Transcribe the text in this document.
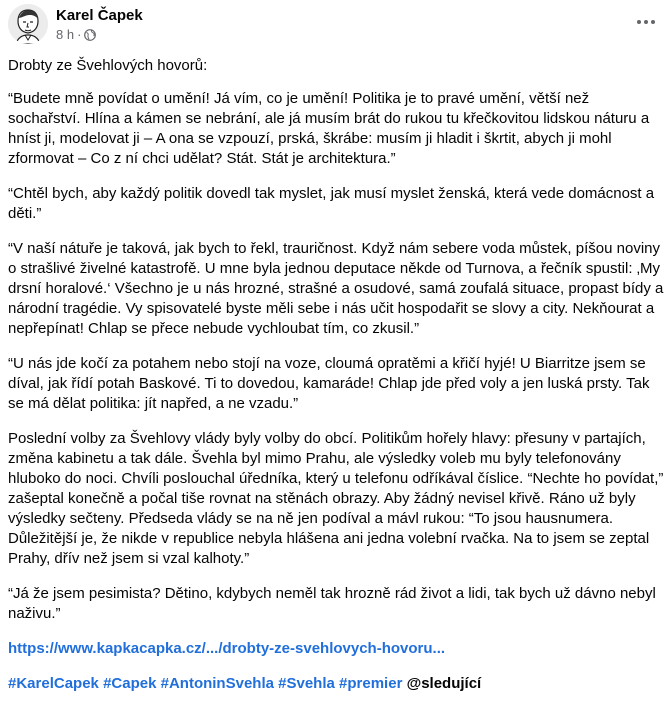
Karel Čapek
8 h ·

Drobty ze Švehlových hovorů:

“Budete mně povídat o umění! Já vím, co je umění! Politika je to pravé umění, větší než sochařství. Hlína a kámen se nebrání, ale já musím brát do rukou tu křečkovitou lidskou náturu a hníst ji, modelovat ji – A ona se vzpouzí, prská, škrábe: musím ji hladit i škrtit, abych ji mohl zformovat – Co z ní chci udělat? Stát. Stát je architektura.”

“Chtěl bych, aby každý politik dovedl tak myslet, jak musí myslet ženská, která vede domácnost a děti.”

“V naší nátuře je taková, jak bych to řekl, trauričnost. Když nám sebere voda můstek, píšou noviny o strašlivé živelné katastrofě. U mne byla jednou deputace někde od Turnova, a řečník spustil: ‚My drsní horalové.‘ Všechno je u nás hrozné, strašné a osudové, samá zoufalá situace, propast bídy a národní tragédie. Vy spisovatelé byste měli sebe i nás učit hospodařit se slovy a city. Nekňourat a nepřepínat! Chlap se přece nebude vychloubat tím, co zkusil.”

“U nás jde kočí za potahem nebo stojí na voze, cloumá opratěmi a křičí hyjé! U Biarritze jsem se díval, jak řídí potah Baskové. Ti to dovedou, kamaráde! Chlap jde před voly a jen luská prsty. Tak se má dělat politika: jít napřed, a ne vzadu.”

Poslední volby za Švehlovy vlády byly volby do obcí. Politikům hořely hlavy: přesuny v partajích, změna kabinetu a tak dále. Švehla byl mimo Prahu, ale výsledky voleb mu byly telefonovány hluboko do noci. Chvíli poslouchal úředníka, který u telefonu odříkával číslice. “Nechte ho povídat,” zašeptal konečně a počal tiše rovnat na stěnách obrazy. Aby žádný nevisel křivě. Ráno už byly výsledky sečteny. Předseda vlády se na ně jen podíval a mávl rukou: “To jsou hausnumera. Důležitější je, že nikde v republice nebyla hlášena ani jedna volební rvačka. Na to jsem se zeptal Prahy, dřív než jsem si vzal kalhoty.”

“Já že jsem pesimista? Dětino, kdybych neměl tak hrozně rád život a lidi, tak bych už dávno nebyl naživu.”

https://www.kapkacapka.cz/.../drobty-ze-svehlovych-hovoru...

#KarelCapek #Capek #AntoninSvehla #Svehla #premier @sledující
